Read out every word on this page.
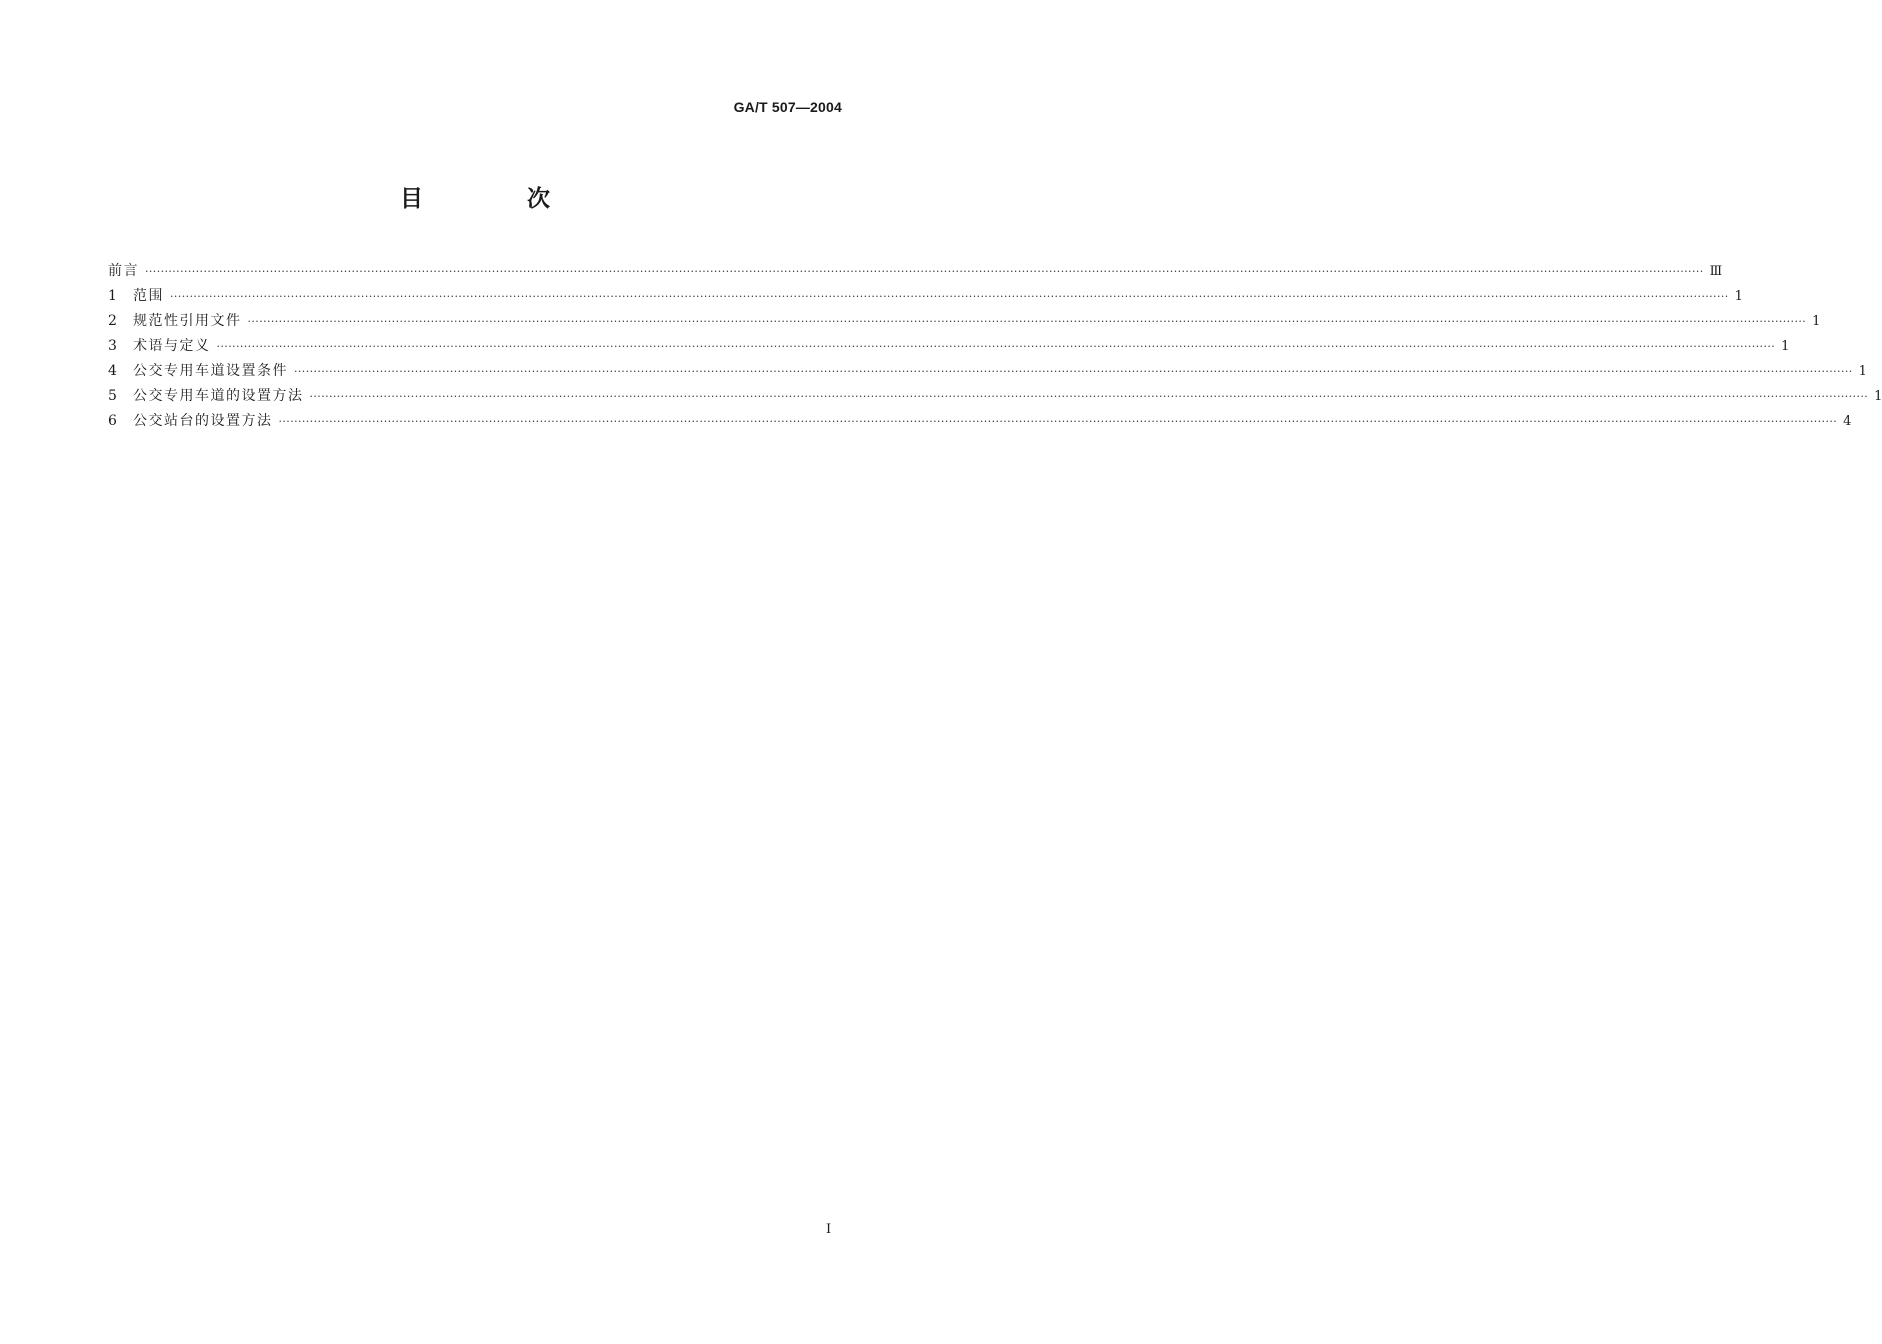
GA/T 507—2004
目 次
前言 ················································································································································································································································································································································································································ Ⅲ
1	范围 ················································································································································································································································································································································································································ 1
2	规范性引用文件 ················································································································································································································································································································································································································ 1
3	术语与定义 ················································································································································································································································································································································································································ 1
4	公交专用车道设置条件 ················································································································································································································································································································································································································ 1
5	公交专用车道的设置方法 ················································································································································································································································································································································································································ 1
6	公交站台的设置方法 ················································································································································································································································································································································································································ 4
I
